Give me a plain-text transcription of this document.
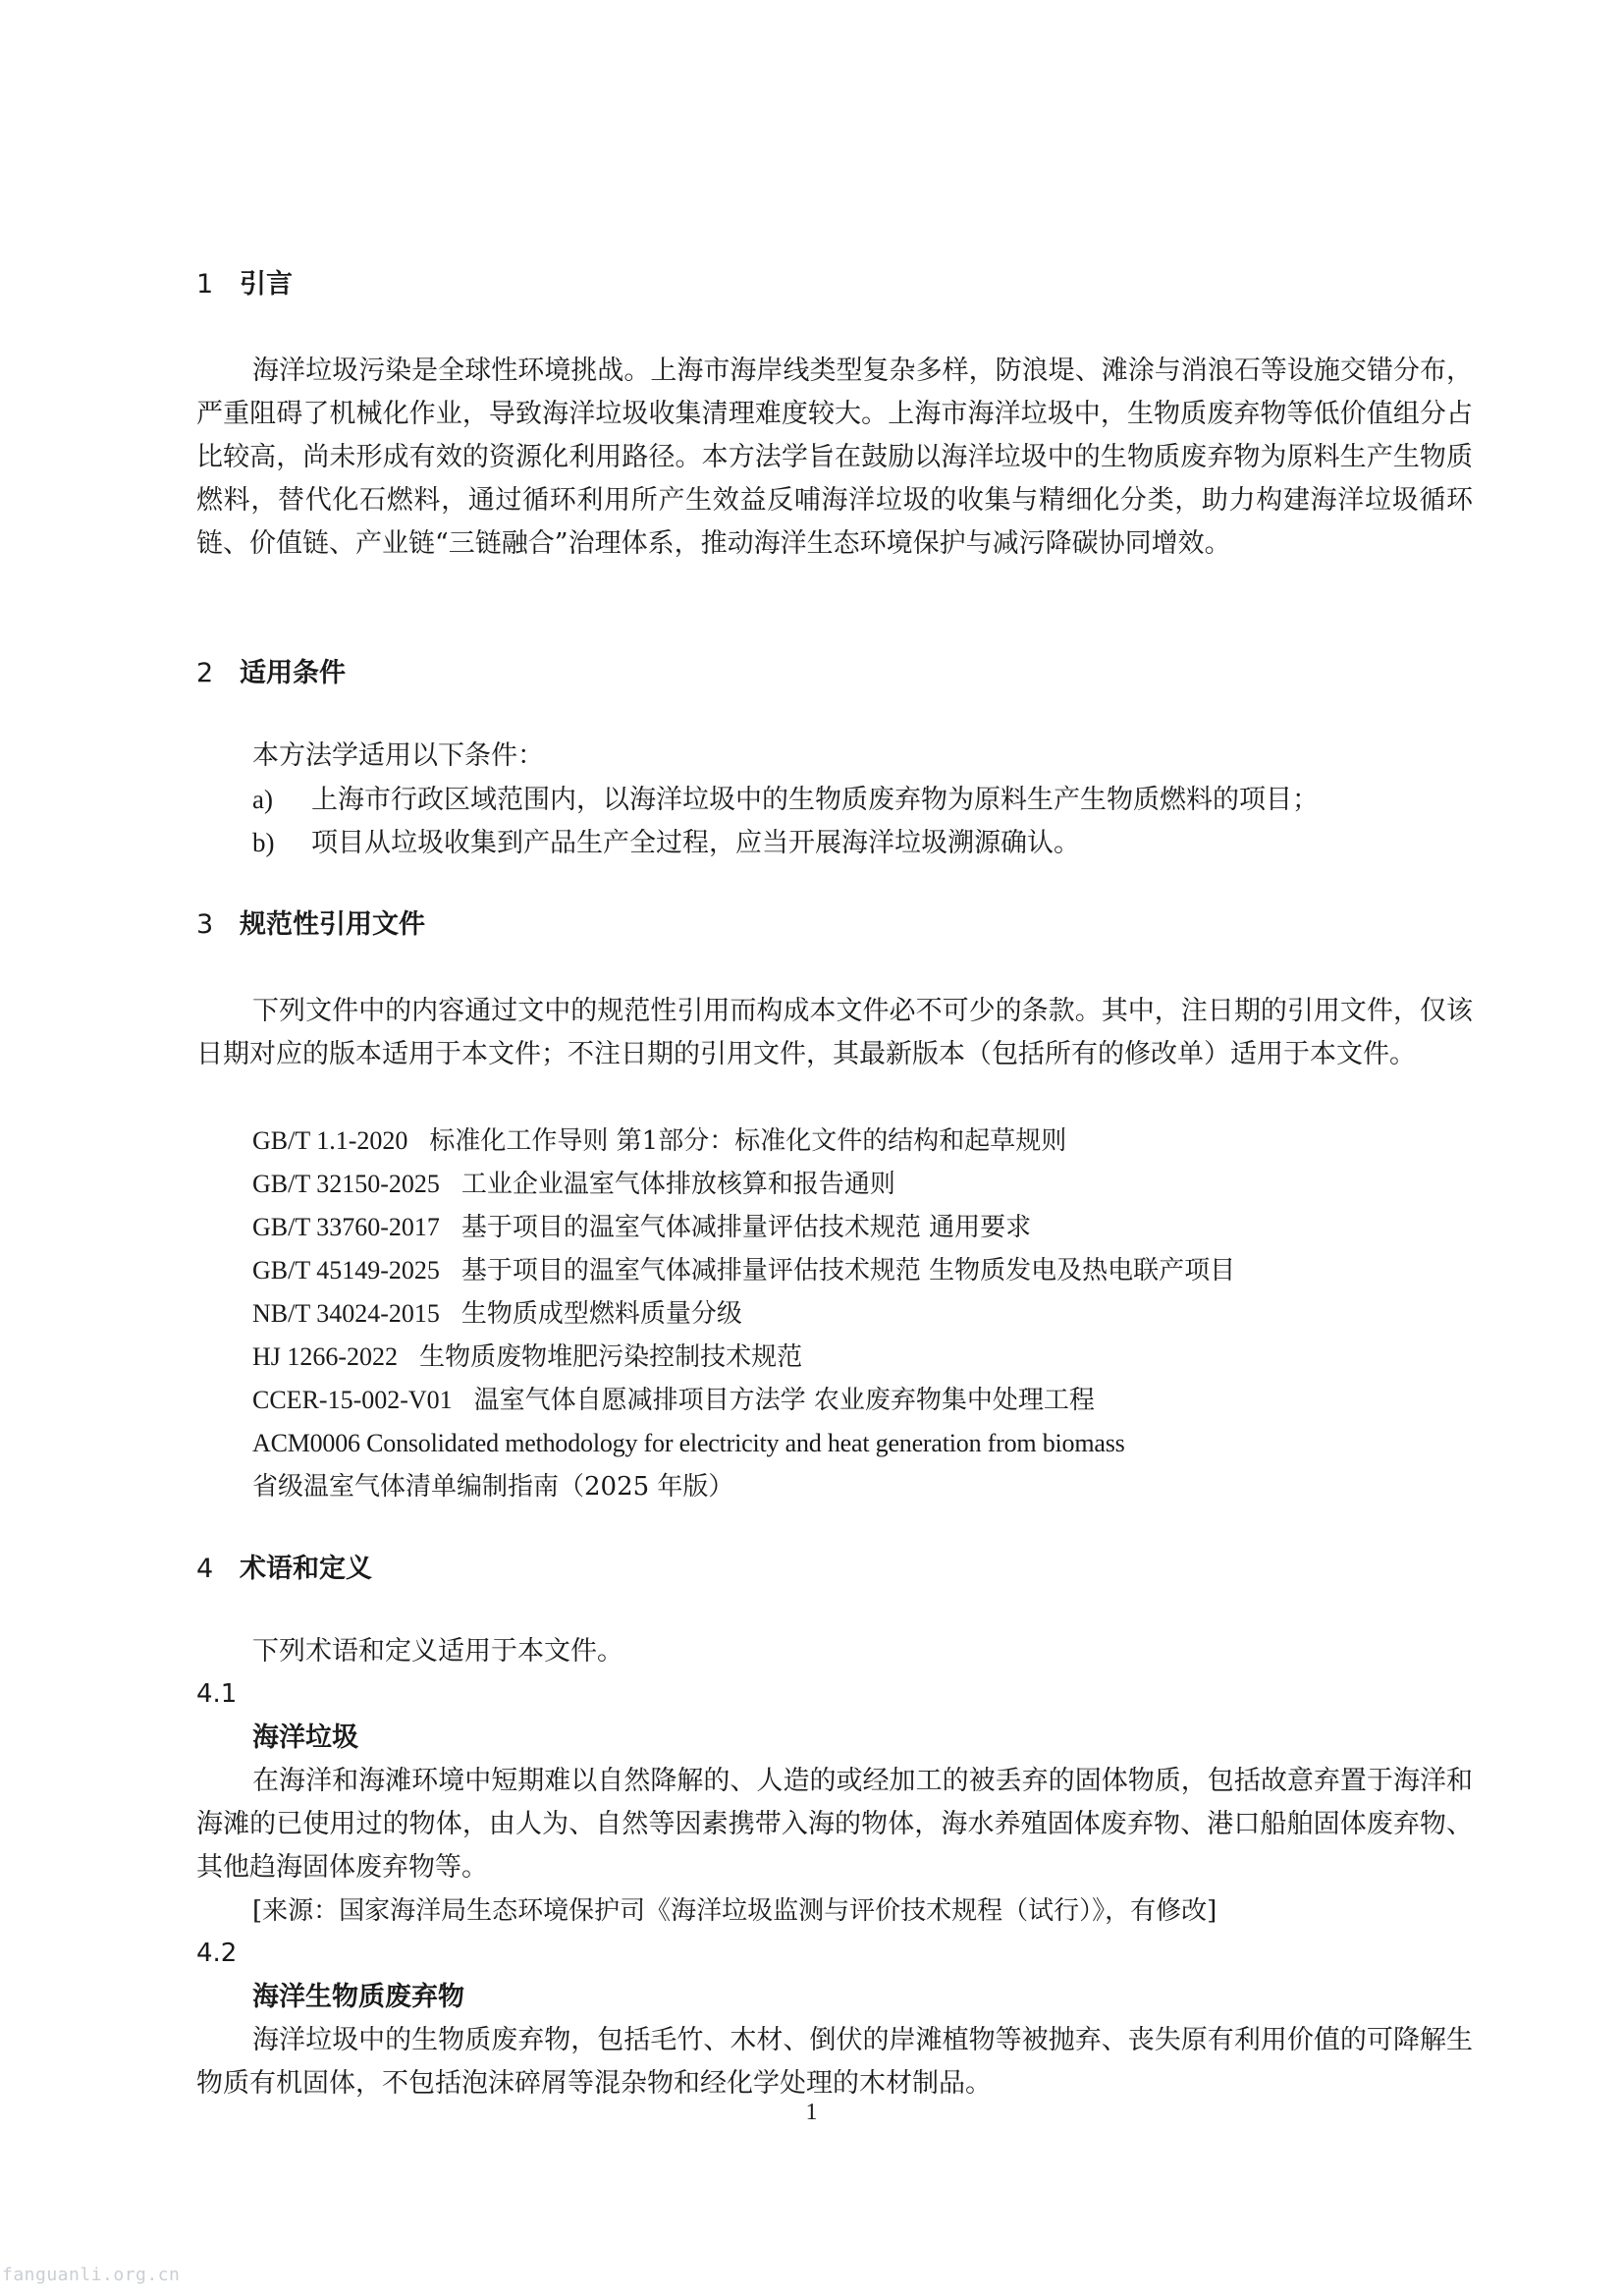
1 引言
海洋垃圾污染是全球性环境挑战。上海市海岸线类型复杂多样，防浪堤、滩涂与消浪石等设施交错分布，严重阻碍了机械化作业，导致海洋垃圾收集清理难度较大。上海市海洋垃圾中，生物质废弃物等低价值组分占比较高，尚未形成有效的资源化利用路径。本方法学旨在鼓励以海洋垃圾中的生物质废弃物为原料生产生物质燃料，替代化石燃料，通过循环利用所产生效益反哺海洋垃圾的收集与精细化分类，助力构建海洋垃圾循环链、价值链、产业链“三链融合”治理体系，推动海洋生态环境保护与减污降碳协同增效。
2 适用条件
本方法学适用以下条件：
a) 上海市行政区域范围内，以海洋垃圾中的生物质废弃物为原料生产生物质燃料的项目；
b) 项目从垃圾收集到产品生产全过程，应当开展海洋垃圾溯源确认。
3 规范性引用文件
下列文件中的内容通过文中的规范性引用而构成本文件必不可少的条款。其中，注日期的引用文件，仅该日期对应的版本适用于本文件；不注日期的引用文件，其最新版本（包括所有的修改单）适用于本文件。
GB/T 1.1-2020 标准化工作导则 第1部分：标准化文件的结构和起草规则
GB/T 32150-2025 工业企业温室气体排放核算和报告通则
GB/T 33760-2017 基于项目的温室气体减排量评估技术规范 通用要求
GB/T 45149-2025 基于项目的温室气体减排量评估技术规范 生物质发电及热电联产项目
NB/T 34024-2015 生物质成型燃料质量分级
HJ 1266-2022 生物质废物堆肥污染控制技术规范
CCER-15-002-V01 温室气体自愿减排项目方法学 农业废弃物集中处理工程
ACM0006 Consolidated methodology for electricity and heat generation from biomass
省级温室气体清单编制指南（2025 年版）
4 术语和定义
下列术语和定义适用于本文件。
4.1
海洋垃圾
在海洋和海滩环境中短期难以自然降解的、人造的或经加工的被丢弃的固体物质，包括故意弃置于海洋和海滩的已使用过的物体，由人为、自然等因素携带入海的物体，海水养殖固体废弃物、港口船舶固体废弃物、其他趋海固体废弃物等。
[来源：国家海洋局生态环境保护司《海洋垃圾监测与评价技术规程（试行）》，有修改]
4.2
海洋生物质废弃物
海洋垃圾中的生物质废弃物，包括毛竹、木材、倒伏的岸滩植物等被抛弃、丧失原有利用价值的可降解生物质有机固体，不包括泡沫碎屑等混杂物和经化学处理的木材制品。
1
fanguanli.org.cn
